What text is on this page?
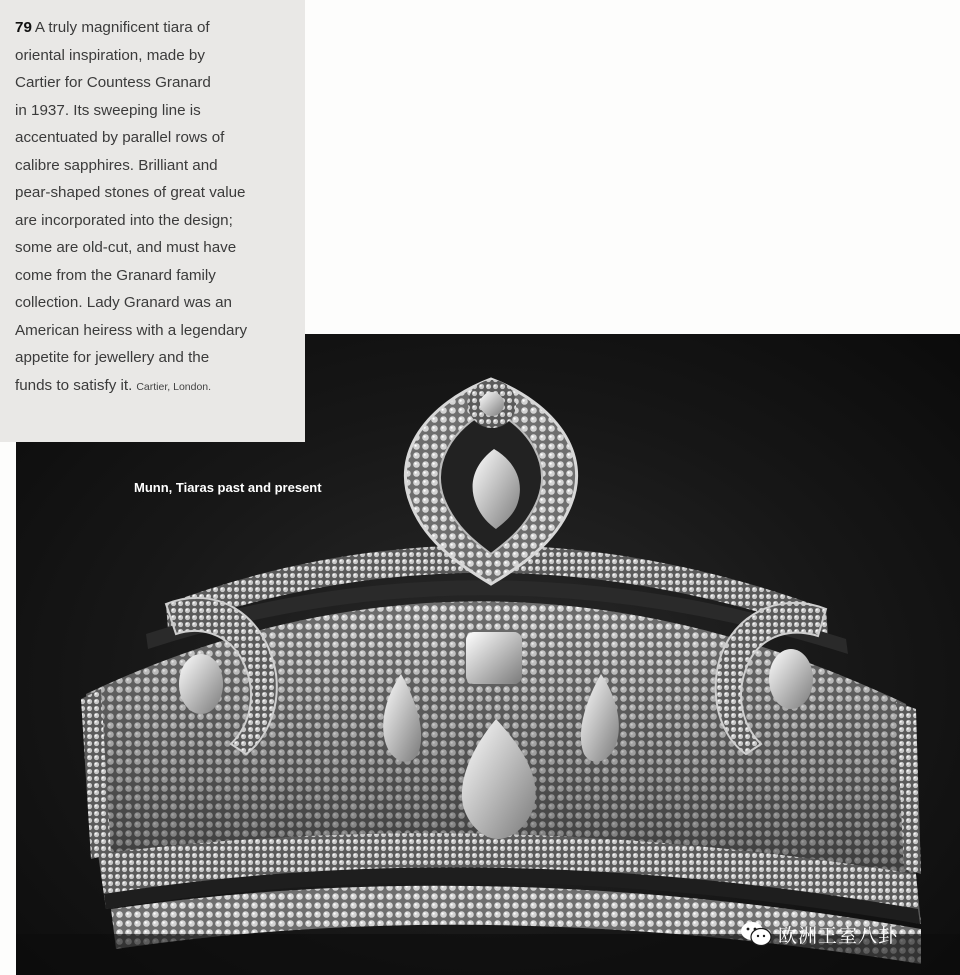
79 A truly magnificent tiara of
oriental inspiration, made by
Cartier for Countess Granard
in 1937. Its sweeping line is
accentuated by parallel rows of
calibre sapphires. Brilliant and
pear-shaped stones of great value
are incorporated into the design;
some are old-cut, and must have
come from the Granard family
collection. Lady Granard was an
American heiress with a legendary
appetite for jewellery and the
funds to satisfy it. Cartier, London.
Munn, Tiaras past and present
欧洲王室八卦
